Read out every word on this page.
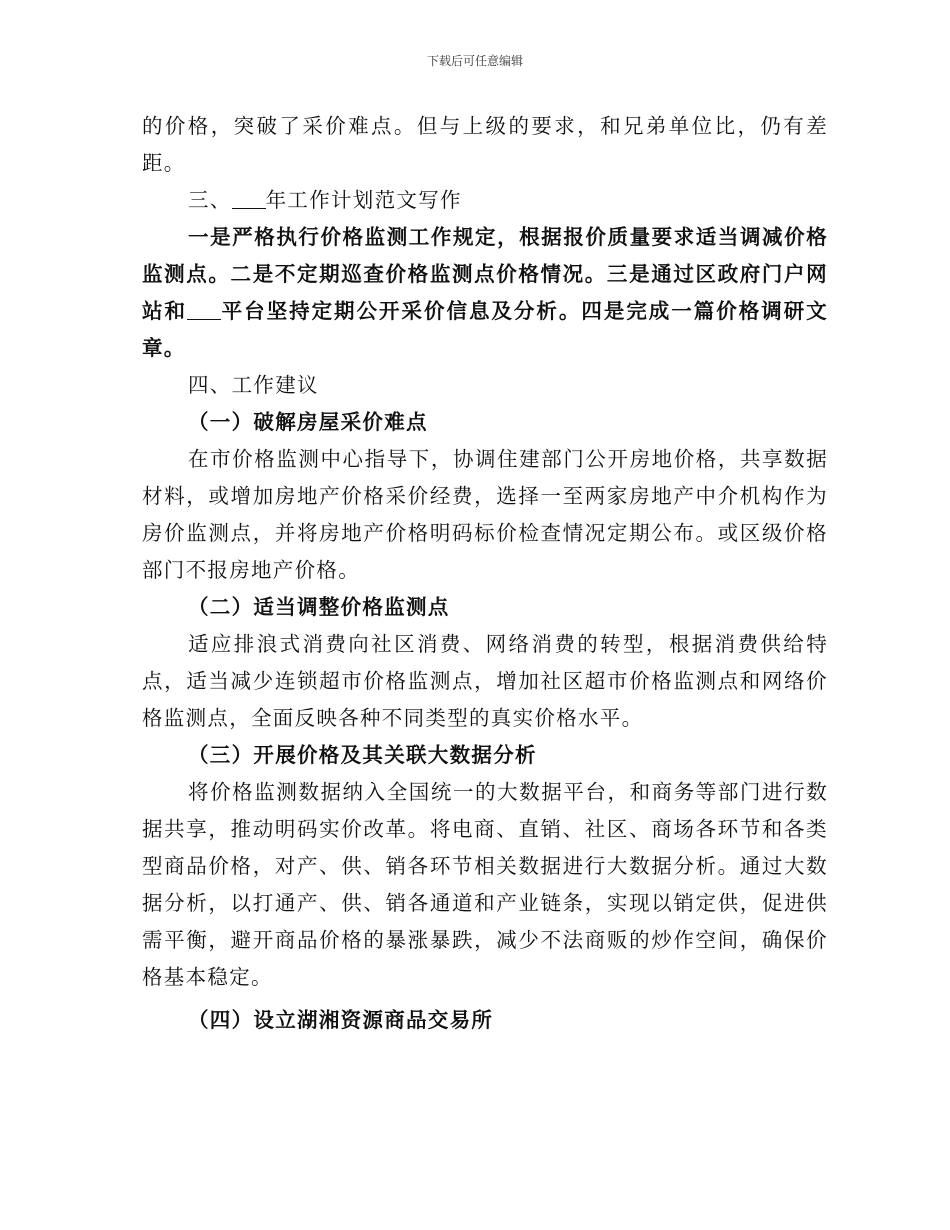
下载后可任意编辑

的价格，突破了采价难点。但与上级的要求，和兄弟单位比，仍有差距。

三、 年工作计划范文写作

一是严格执行价格监测工作规定，根据报价质量要求适当调减价格监测点。二是不定期巡查价格监测点价格情况。三是通过区政府门户网站和 平台坚持定期公开采价信息及分析。四是完成一篇价格调研文章。

四、工作建议

（一）破解房屋采价难点

在市价格监测中心指导下，协调住建部门公开房地价格，共享数据材料，或增加房地产价格采价经费，选择一至两家房地产中介机构作为房价监测点，并将房地产价格明码标价检查情况定期公布。或区级价格部门不报房地产价格。

（二）适当调整价格监测点

适应排浪式消费向社区消费、网络消费的转型，根据消费供给特点，适当减少连锁超市价格监测点，增加社区超市价格监测点和网络价格监测点，全面反映各种不同类型的真实价格水平。

（三）开展价格及其关联大数据分析

将价格监测数据纳入全国统一的大数据平台，和商务等部门进行数据共享，推动明码实价改革。将电商、直销、社区、商场各环节和各类型商品价格，对产、供、销各环节相关数据进行大数据分析。通过大数据分析，以打通产、供、销各通道和产业链条，实现以销定供，促进供需平衡，避开商品价格的暴涨暴跌，减少不法商贩的炒作空间，确保价格基本稳定。

（四）设立湖湘资源商品交易所
